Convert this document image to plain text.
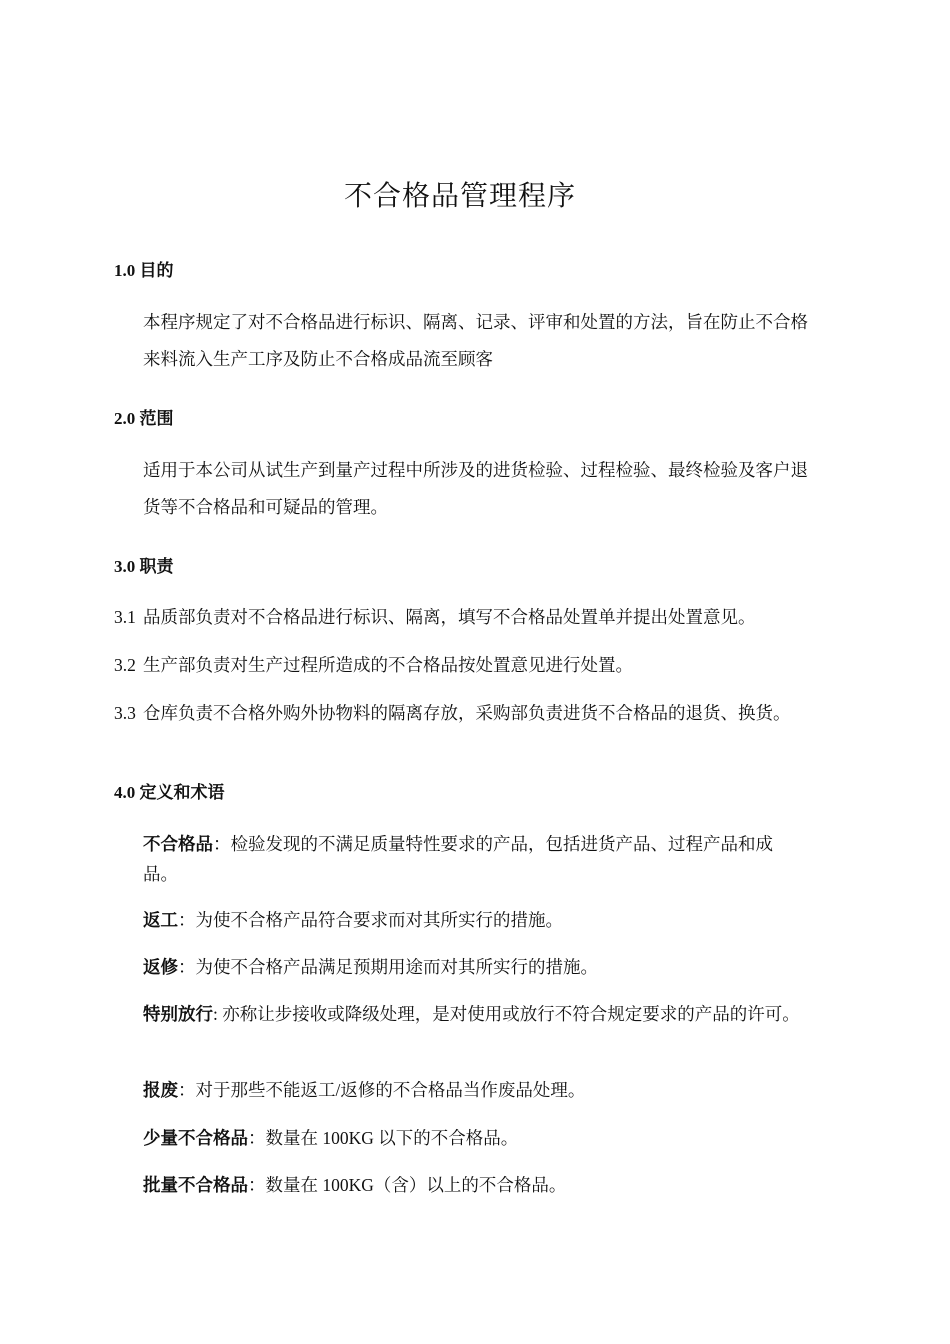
不合格品管理程序
1.0 目的
本程序规定了对不合格品进行标识、隔离、记录、评审和处置的方法，旨在防止不合格来料流入生产工序及防止不合格成品流至顾客
2.0 范围
适用于本公司从试生产到量产过程中所涉及的进货检验、过程检验、最终检验及客户退货等不合格品和可疑品的管理。
3.0 职责
3.1 品质部负责对不合格品进行标识、隔离，填写不合格品处置单并提出处置意见。
3.2 生产部负责对生产过程所造成的不合格品按处置意见进行处置。
3.3 仓库负责不合格外购外协物料的隔离存放，采购部负责进货不合格品的退货、换货。
4.0 定义和术语
不合格品：检验发现的不满足质量特性要求的产品，包括进货产品、过程产品和成品。
返工：为使不合格产品符合要求而对其所实行的措施。
返修：为使不合格产品满足预期用途而对其所实行的措施。
特别放行: 亦称让步接收或降级处理，是对使用或放行不符合规定要求的产品的许可。
报废：对于那些不能返工/返修的不合格品当作废品处理。
少量不合格品：数量在 100KG 以下的不合格品。
批量不合格品：数量在 100KG（含）以上的不合格品。
